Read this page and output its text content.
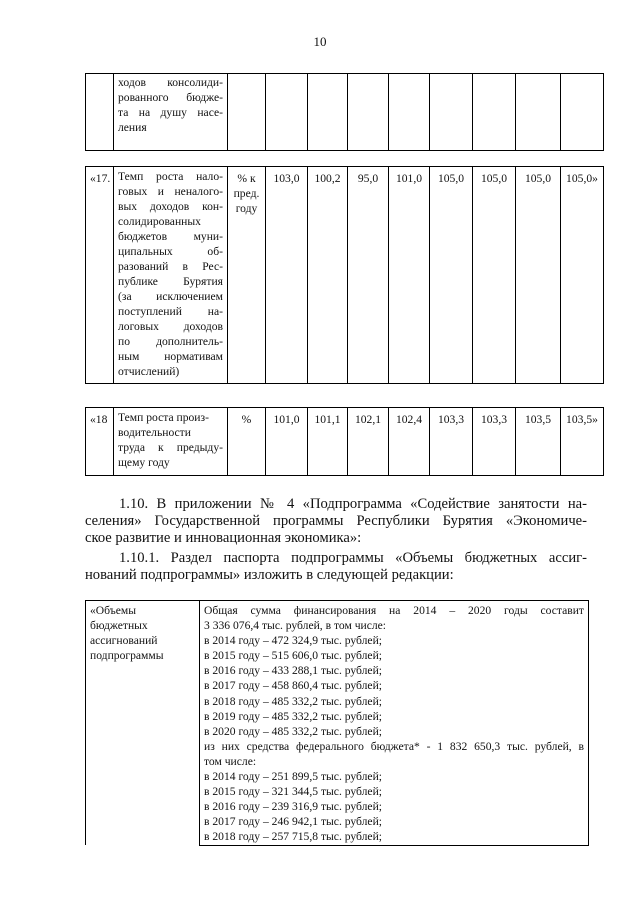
10

ходов консолиди-
рованного бюдже-
та на душу насе-
ления

«17.	Темп роста нало-
говых и неналого-
вых доходов кон-
солидированных
бюджетов муни-
ципальных об-
разований в Рес-
публике Бурятия
(за исключением
поступлений на-
логовых доходов
по дополнитель-
ным нормативам
отчислений)

% к
пред.
году
	103,0	100,2	95,0	101,0	105,0	105,0	105,0	105,0»
«18	Темп роста произ-
водительности
труда к предыду-
щему году
	%	101,0	101,1	102,1	102,4	103,3	103,3	103,5	103,5»
1.10. В приложении № 4 «Подпрограмма «Содействие занятости на-
селения» Государственной программы Республики Бурятия «Экономиче-
ское развитие и инновационная экономика»:
1.10.1. Раздел паспорта подпрограммы «Объемы бюджетных ассиг-
нований подпрограммы» изложить в следующей редакции:
«Объемы
бюджетных
ассигнований
подпрограммы

Общая сумма финансирования на 2014 – 2020 годы составит
3 336 076,4 тыс. рублей, в том числе:
в 2014 году – 472 324,9 тыс. рублей;
в 2015 году – 515 606,0 тыс. рублей;
в 2016 году – 433 288,1 тыс. рублей;
в 2017 году – 458 860,4 тыс. рублей;
в 2018 году – 485 332,2 тыс. рублей;
в 2019 году – 485 332,2 тыс. рублей;
в 2020 году – 485 332,2 тыс. рублей;
из них средства федерального бюджета* - 1 832 650,3 тыс. рублей, в
том числе:
в 2014 году – 251 899,5 тыс. рублей;
в 2015 году – 321 344,5 тыс. рублей;
в 2016 году – 239 316,9 тыс. рублей;
в 2017 году – 246 942,1 тыс. рублей;
в 2018 году – 257 715,8 тыс. рублей;
